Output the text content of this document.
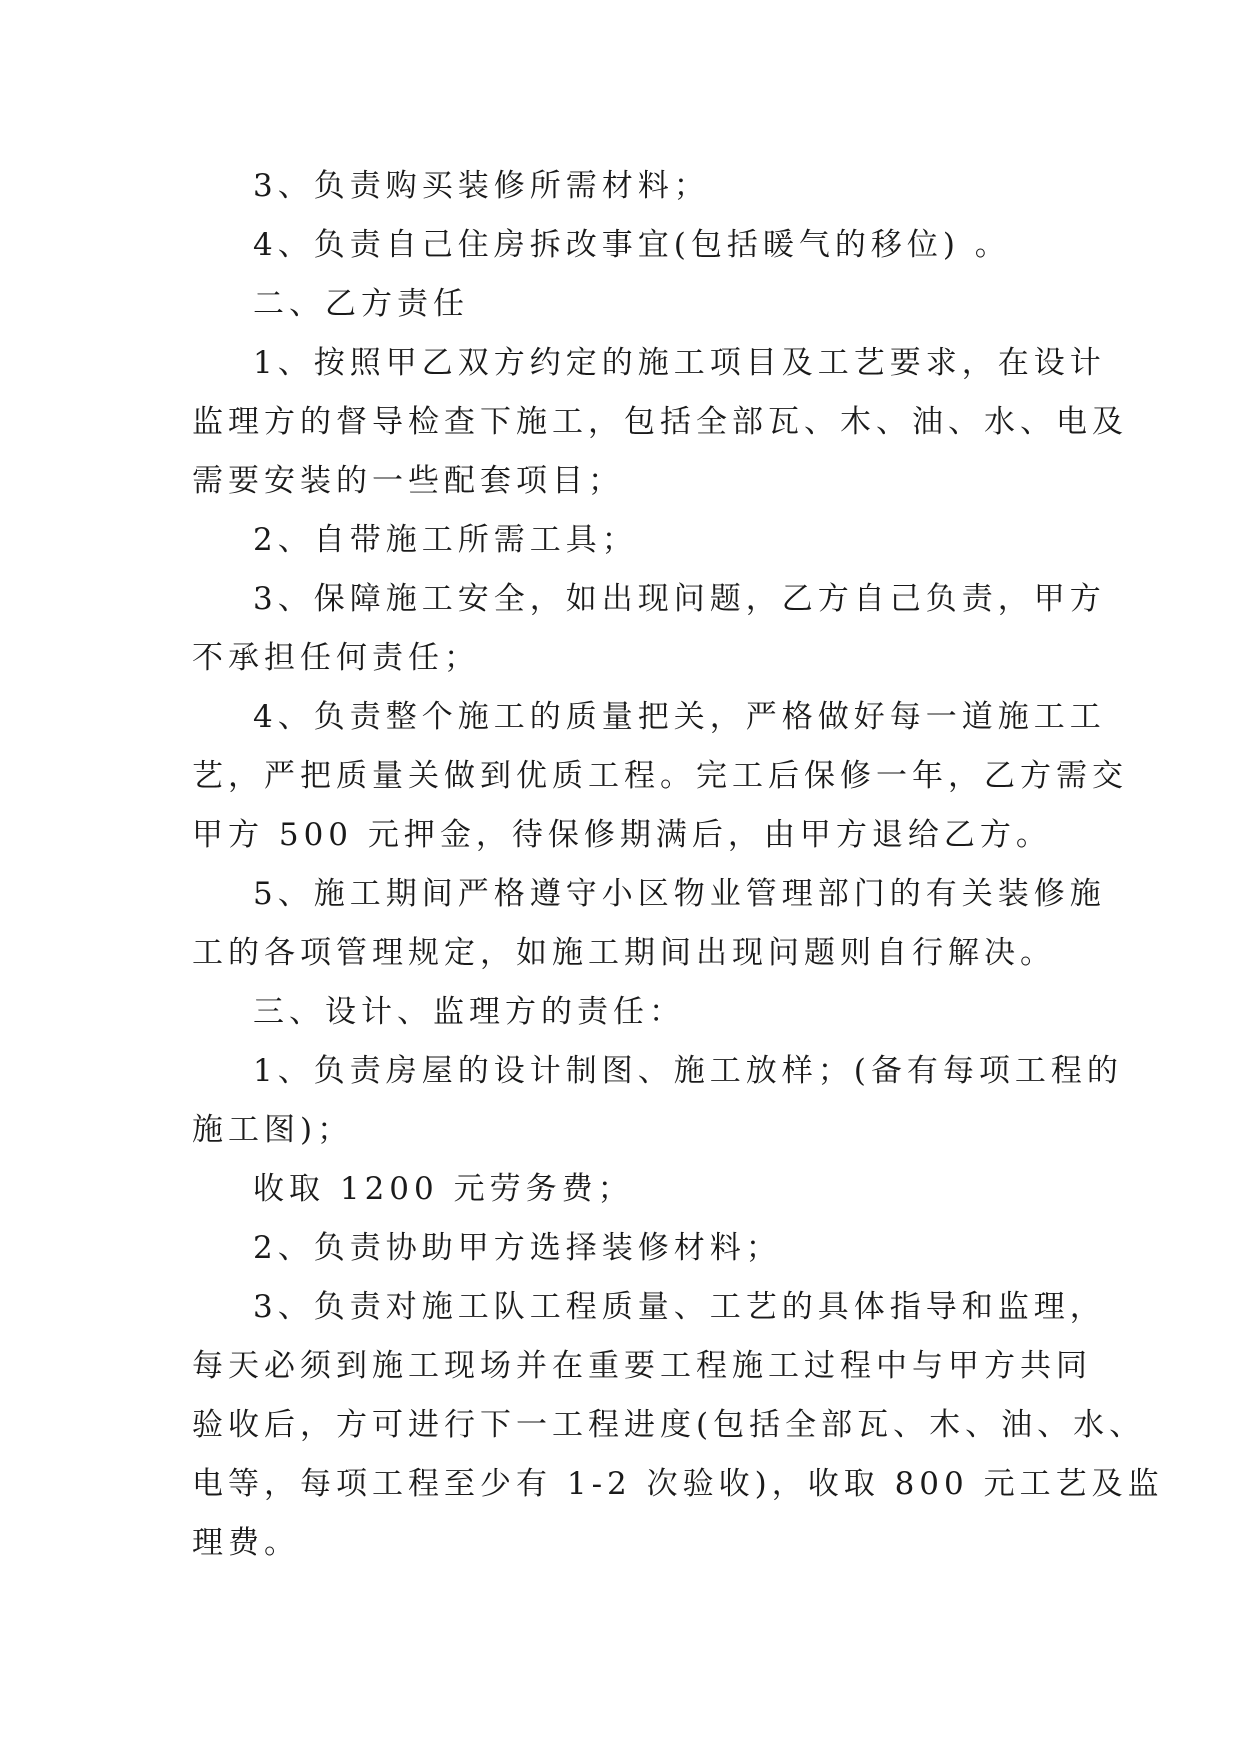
3、负责购买装修所需材料；
4、负责自己住房拆改事宜(包括暖气的移位) 。
二、乙方责任
1、按照甲乙双方约定的施工项目及工艺要求，在设计
监理方的督导检查下施工，包括全部瓦、木、油、水、电及
需要安装的一些配套项目；
2、自带施工所需工具；
3、保障施工安全，如出现问题，乙方自己负责，甲方
不承担任何责任；
4、负责整个施工的质量把关，严格做好每一道施工工
艺，严把质量关做到优质工程。完工后保修一年，乙方需交
甲方 500 元押金，待保修期满后，由甲方退给乙方。
5、施工期间严格遵守小区物业管理部门的有关装修施
工的各项管理规定，如施工期间出现问题则自行解决。
三、设计、监理方的责任：
1、负责房屋的设计制图、施工放样；(备有每项工程的
施工图)；
收取 1200 元劳务费；
2、负责协助甲方选择装修材料；
3、负责对施工队工程质量、工艺的具体指导和监理，
每天必须到施工现场并在重要工程施工过程中与甲方共同
验收后，方可进行下一工程进度(包括全部瓦、木、油、水、
电等，每项工程至少有 1-2 次验收)，收取 800 元工艺及监
理费。
